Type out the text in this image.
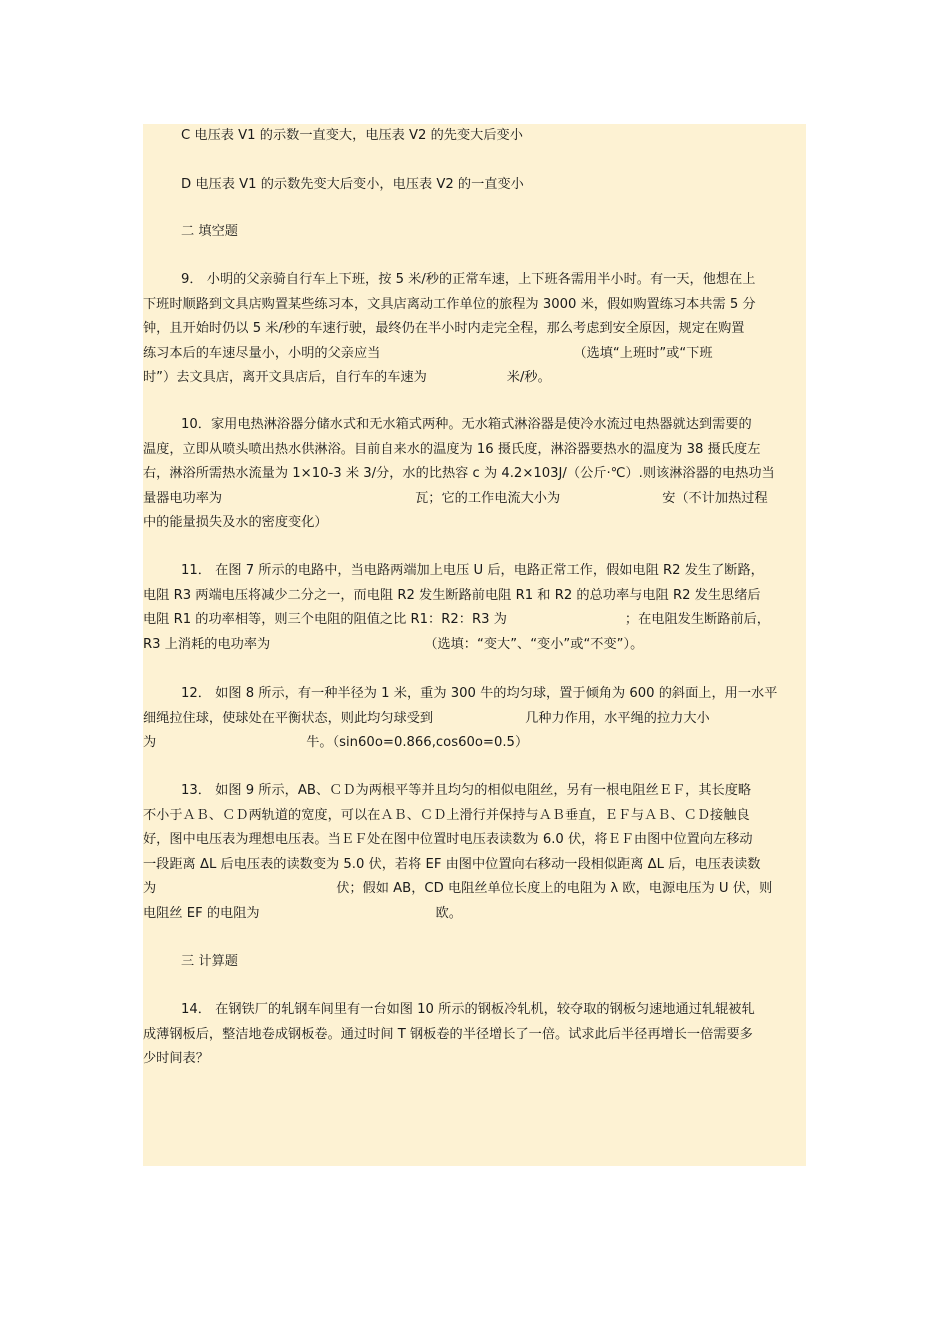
C 电压表 V1 的示数一直变大，电压表 V2 的先变大后变小

D 电压表 V1 的示数先变大后变小，电压表 V2 的一直变小

二 填空题

9． 小明的父亲骑自行车上下班，按 5 米/秒的正常车速，上下班各需用半小时。有一天，他想在上
下班时顺路到文具店购置某些练习本，文具店离动工作单位的旅程为 3000 米，假如购置练习本共需 5 分
钟，且开始时仍以 5 米/秒的车速行驶，最终仍在半小时内走完全程，那么考虑到安全原因，规定在购置
练习本后的车速尽量小，小明的父亲应当	（选填“上班时”或“下班
时”）去文具店，离开文具店后，自行车的车速为	米/秒。
10．家用电热淋浴器分储水式和无水箱式两种。无水箱式淋浴器是使冷水流过电热器就达到需要的
温度，立即从喷头喷出热水供淋浴。目前自来水的温度为 16 摄氏度，淋浴器要热水的温度为 38 摄氏度左
右，淋浴所需热水流量为 1×10-3 米 3/分，水的比热容 c 为 4.2×103J/（公斤·℃）.则该淋浴器的电热功当
量器电功率为	瓦；它的工作电流大小为	安（不计加热过程
中的能量损失及水的密度变化）
11． 在图 7 所示的电路中，当电路两端加上电压 U 后，电路正常工作，假如电阻 R2 发生了断路，
电阻 R3 两端电压将减少二分之一，而电阻 R2 发生断路前电阻 R1 和 R2 的总功率与电阻 R2 发生思绪后
电阻 R1 的功率相等，则三个电阻的阻值之比 R1：R2：R3 为	；在电阻发生断路前后，
R3 上消耗的电功率为	（选填：“变大”、“变小”或“不变”）。
12． 如图 8 所示，有一种半径为 1 米，重为 300 牛的均匀球，置于倾角为 600 的斜面上，用一水平
细绳拉住球，使球处在平衡状态，则此均匀球受到	几种力作用，水平绳的拉力大小
为	牛。（sin60o=0.866,cos60o=0.5）
13． 如图 9 所示，AB、ＣＤ为两根平等并且均匀的相似电阻丝，另有一根电阻丝ＥＦ，其长度略
不小于ＡＢ、ＣＤ两轨道的宽度，可以在ＡＢ、ＣＤ上滑行并保持与ＡＢ垂直，ＥＦ与ＡＢ、ＣＤ接触良
好，图中电压表为理想电压表。当ＥＦ处在图中位置时电压表读数为 6.0 伏，将ＥＦ由图中位置向左移动
一段距离 ΔL 后电压表的读数变为 5.0 伏，若将 EF 由图中位置向右移动一段相似距离 ΔL 后，电压表读数
为	伏；假如 AB，CD 电阻丝单位长度上的电阻为 λ 欧，电源电压为 U 伏，则
电阻丝 EF 的电阻为	欧。

三 计算题

14． 在钢铁厂的轧钢车间里有一台如图 10 所示的钢板冷轧机，较夺取的钢板匀速地通过轧辊被轧
成薄钢板后，整洁地卷成钢板卷。通过时间 T 钢板卷的半径增长了一倍。试求此后半径再增长一倍需要多
少时间表？
